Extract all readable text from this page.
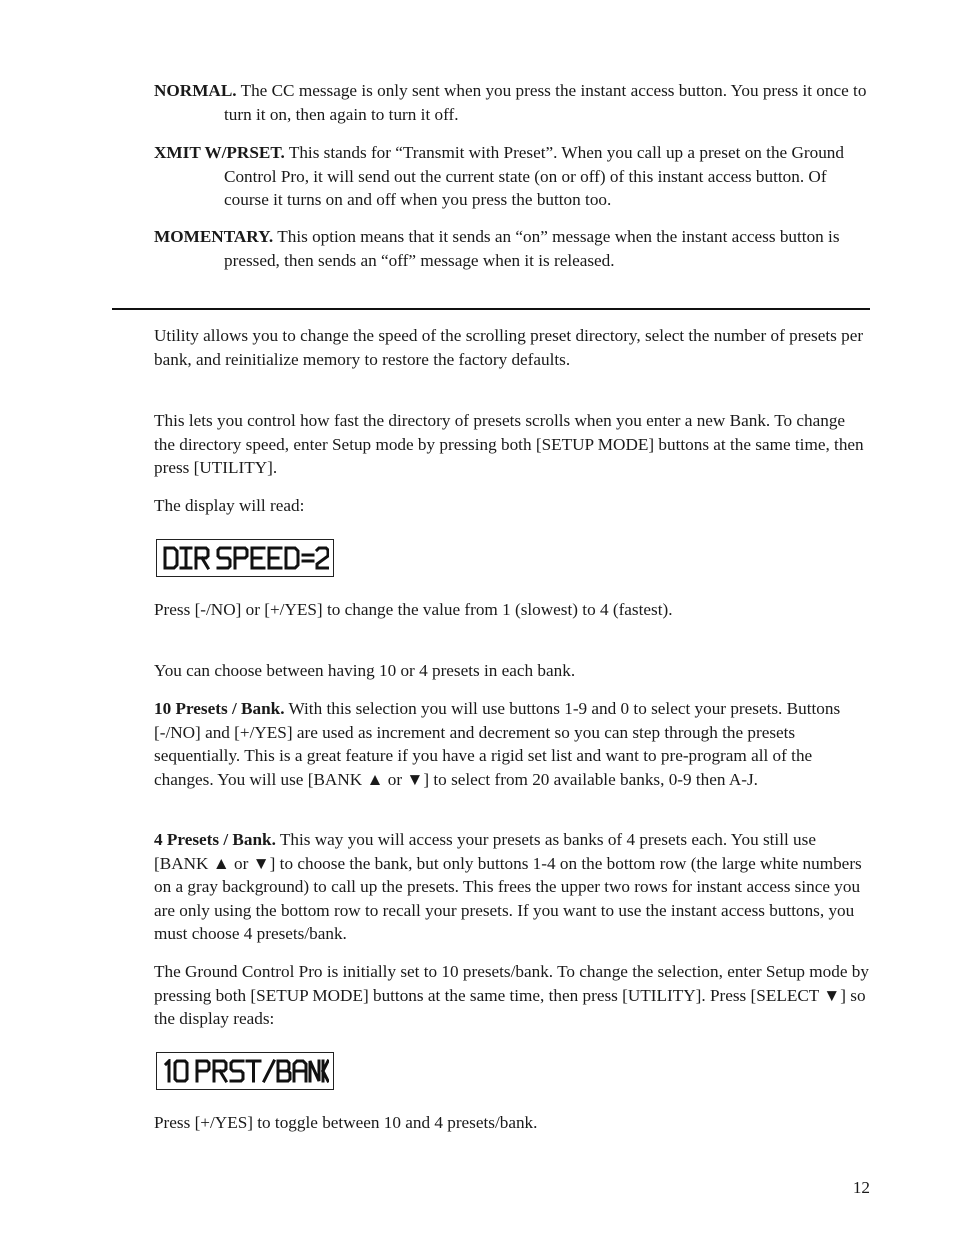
NORMAL. The CC message is only sent when you press the instant access button. You press it once to turn it on, then again to turn it off.

XMIT W/PRSET. This stands for “Transmit with Preset”. When you call up a preset on the Ground Control Pro, it will send out the current state (on or off) of this instant access button. Of course it turns on and off when you press the button too.

MOMENTARY. This option means that it sends an “on” message when the instant access button is pressed, then sends an “off” message when it is released.

Utility allows you to change the speed of the scrolling preset directory, select the number of presets per bank, and reinitialize memory to restore the factory defaults.

This lets you control how fast the directory of presets scrolls when you enter a new Bank. To change the directory speed, enter Setup mode by pressing both [SETUP MODE] buttons at the same time, then press [UTILITY].

The display will read:

Press [-/NO] or [+/YES] to change the value from 1 (slowest) to 4 (fastest).

You can choose between having 10 or 4 presets in each bank.

10 Presets / Bank. With this selection you will use buttons 1-9 and 0 to select your presets. Buttons [-/NO] and [+/YES] are used as increment and decrement so you can step through the presets sequentially. This is a great feature if you have a rigid set list and want to pre-program all of the changes. You will use [BANK ▲ or ▼] to select from 20 available banks, 0-9 then A-J.

4 Presets / Bank. This way you will access your presets as banks of 4 presets each. You still use [BANK ▲ or ▼] to choose the bank, but only buttons 1-4 on the bottom row (the large white numbers on a gray background) to call up the presets. This frees the upper two rows for instant access since you are only using the bottom row to recall your presets. If you want to use the instant access buttons, you must choose 4 presets/bank.

The Ground Control Pro is initially set to 10 presets/bank. To change the selection, enter Setup mode by pressing both [SETUP MODE] buttons at the same time, then press [UTILITY]. Press [SELECT ▼] so the display reads:

Press [+/YES] to toggle between 10 and 4 presets/bank.

12
